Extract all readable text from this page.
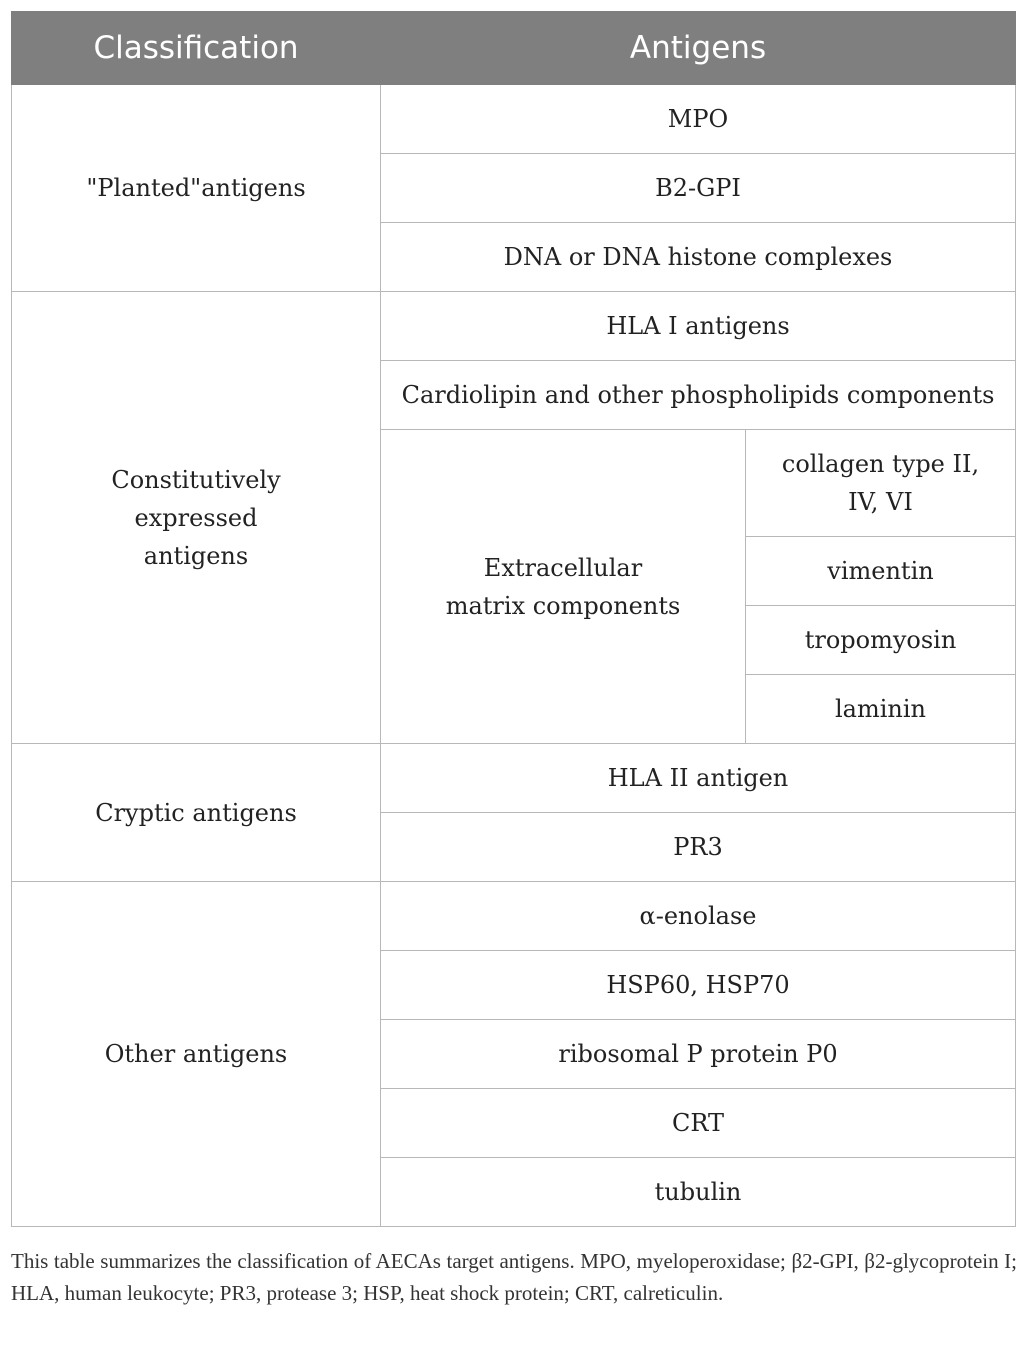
Classification	Antigens	
"Planted"antigens	MPO	
	B2-GPI	
	DNA or DNA histone complexes	
Constitutively expressed antigens	HLA I antigens	
	Cardiolipin and other phospholipids components	
	Extracellular matrix components	collagen type II, IV, VI
		vimentin
		tropomyosin
		laminin
Cryptic antigens	HLA II antigen	
	PR3	
Other antigens	α-enolase	
	HSP60, HSP70	
	ribosomal P protein P0	
	CRT	
	tubulin	
This table summarizes the classification of AECAs target antigens. MPO, myeloperoxidase; β2-GPI, β2-glycoprotein I; HLA, human leukocyte; PR3, protease 3; HSP, heat shock protein; CRT, calreticulin.
